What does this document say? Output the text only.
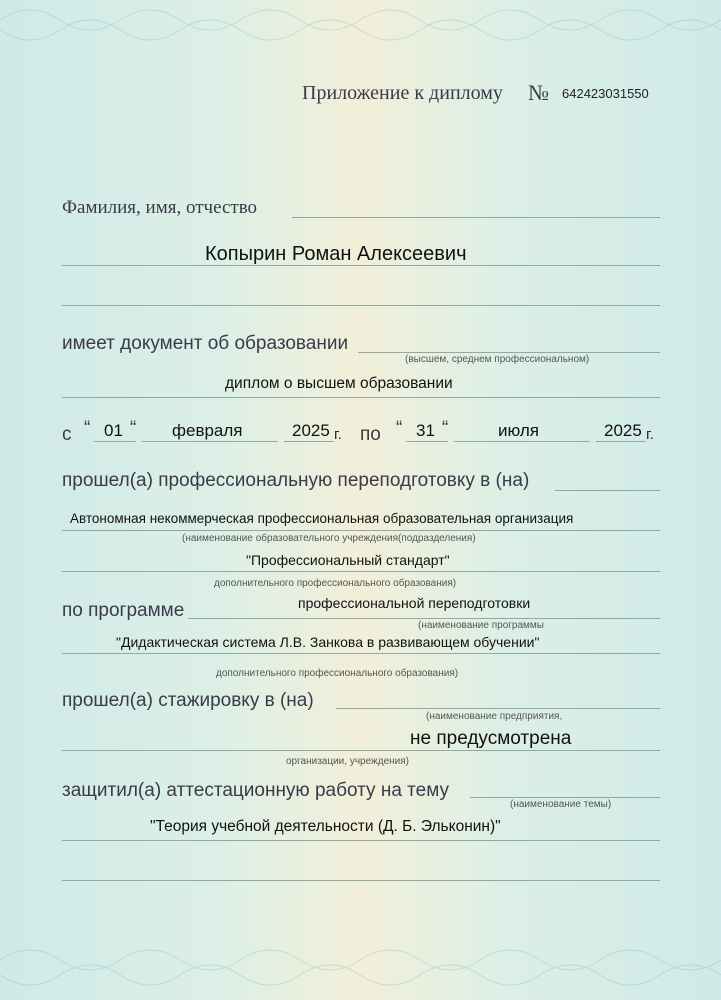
Приложение к диплому № 642423031550
Фамилия, имя, отчество
Копырин Роман Алексеевич
имеет документ об образовании
(высшем, среднем профессиональном)
диплом о высшем образовании
с “ 01 “ февраля	2025 г. по “ 31 “	июля	2025 г.
прошел(а) профессиональную переподготовку в (на)
Автономная некоммерческая профессиональная образовательная организация
(наименование образовательного учреждения(подразделения)
"Профессиональный стандарт"
дополнительного профессионального образования)
по программе	профессиональной переподготовки
(наименование программы
"Дидактическая система Л.В. Занкова в развивающем обучении"
дополнительного профессионального образования)
прошел(а) стажировку в (на)
(наименование предприятия,
не предусмотрена
организации, учреждения)
защитил(а) аттестационную работу на тему
(наименование темы)
"Теория учебной деятельности (Д. Б. Эльконин)"
